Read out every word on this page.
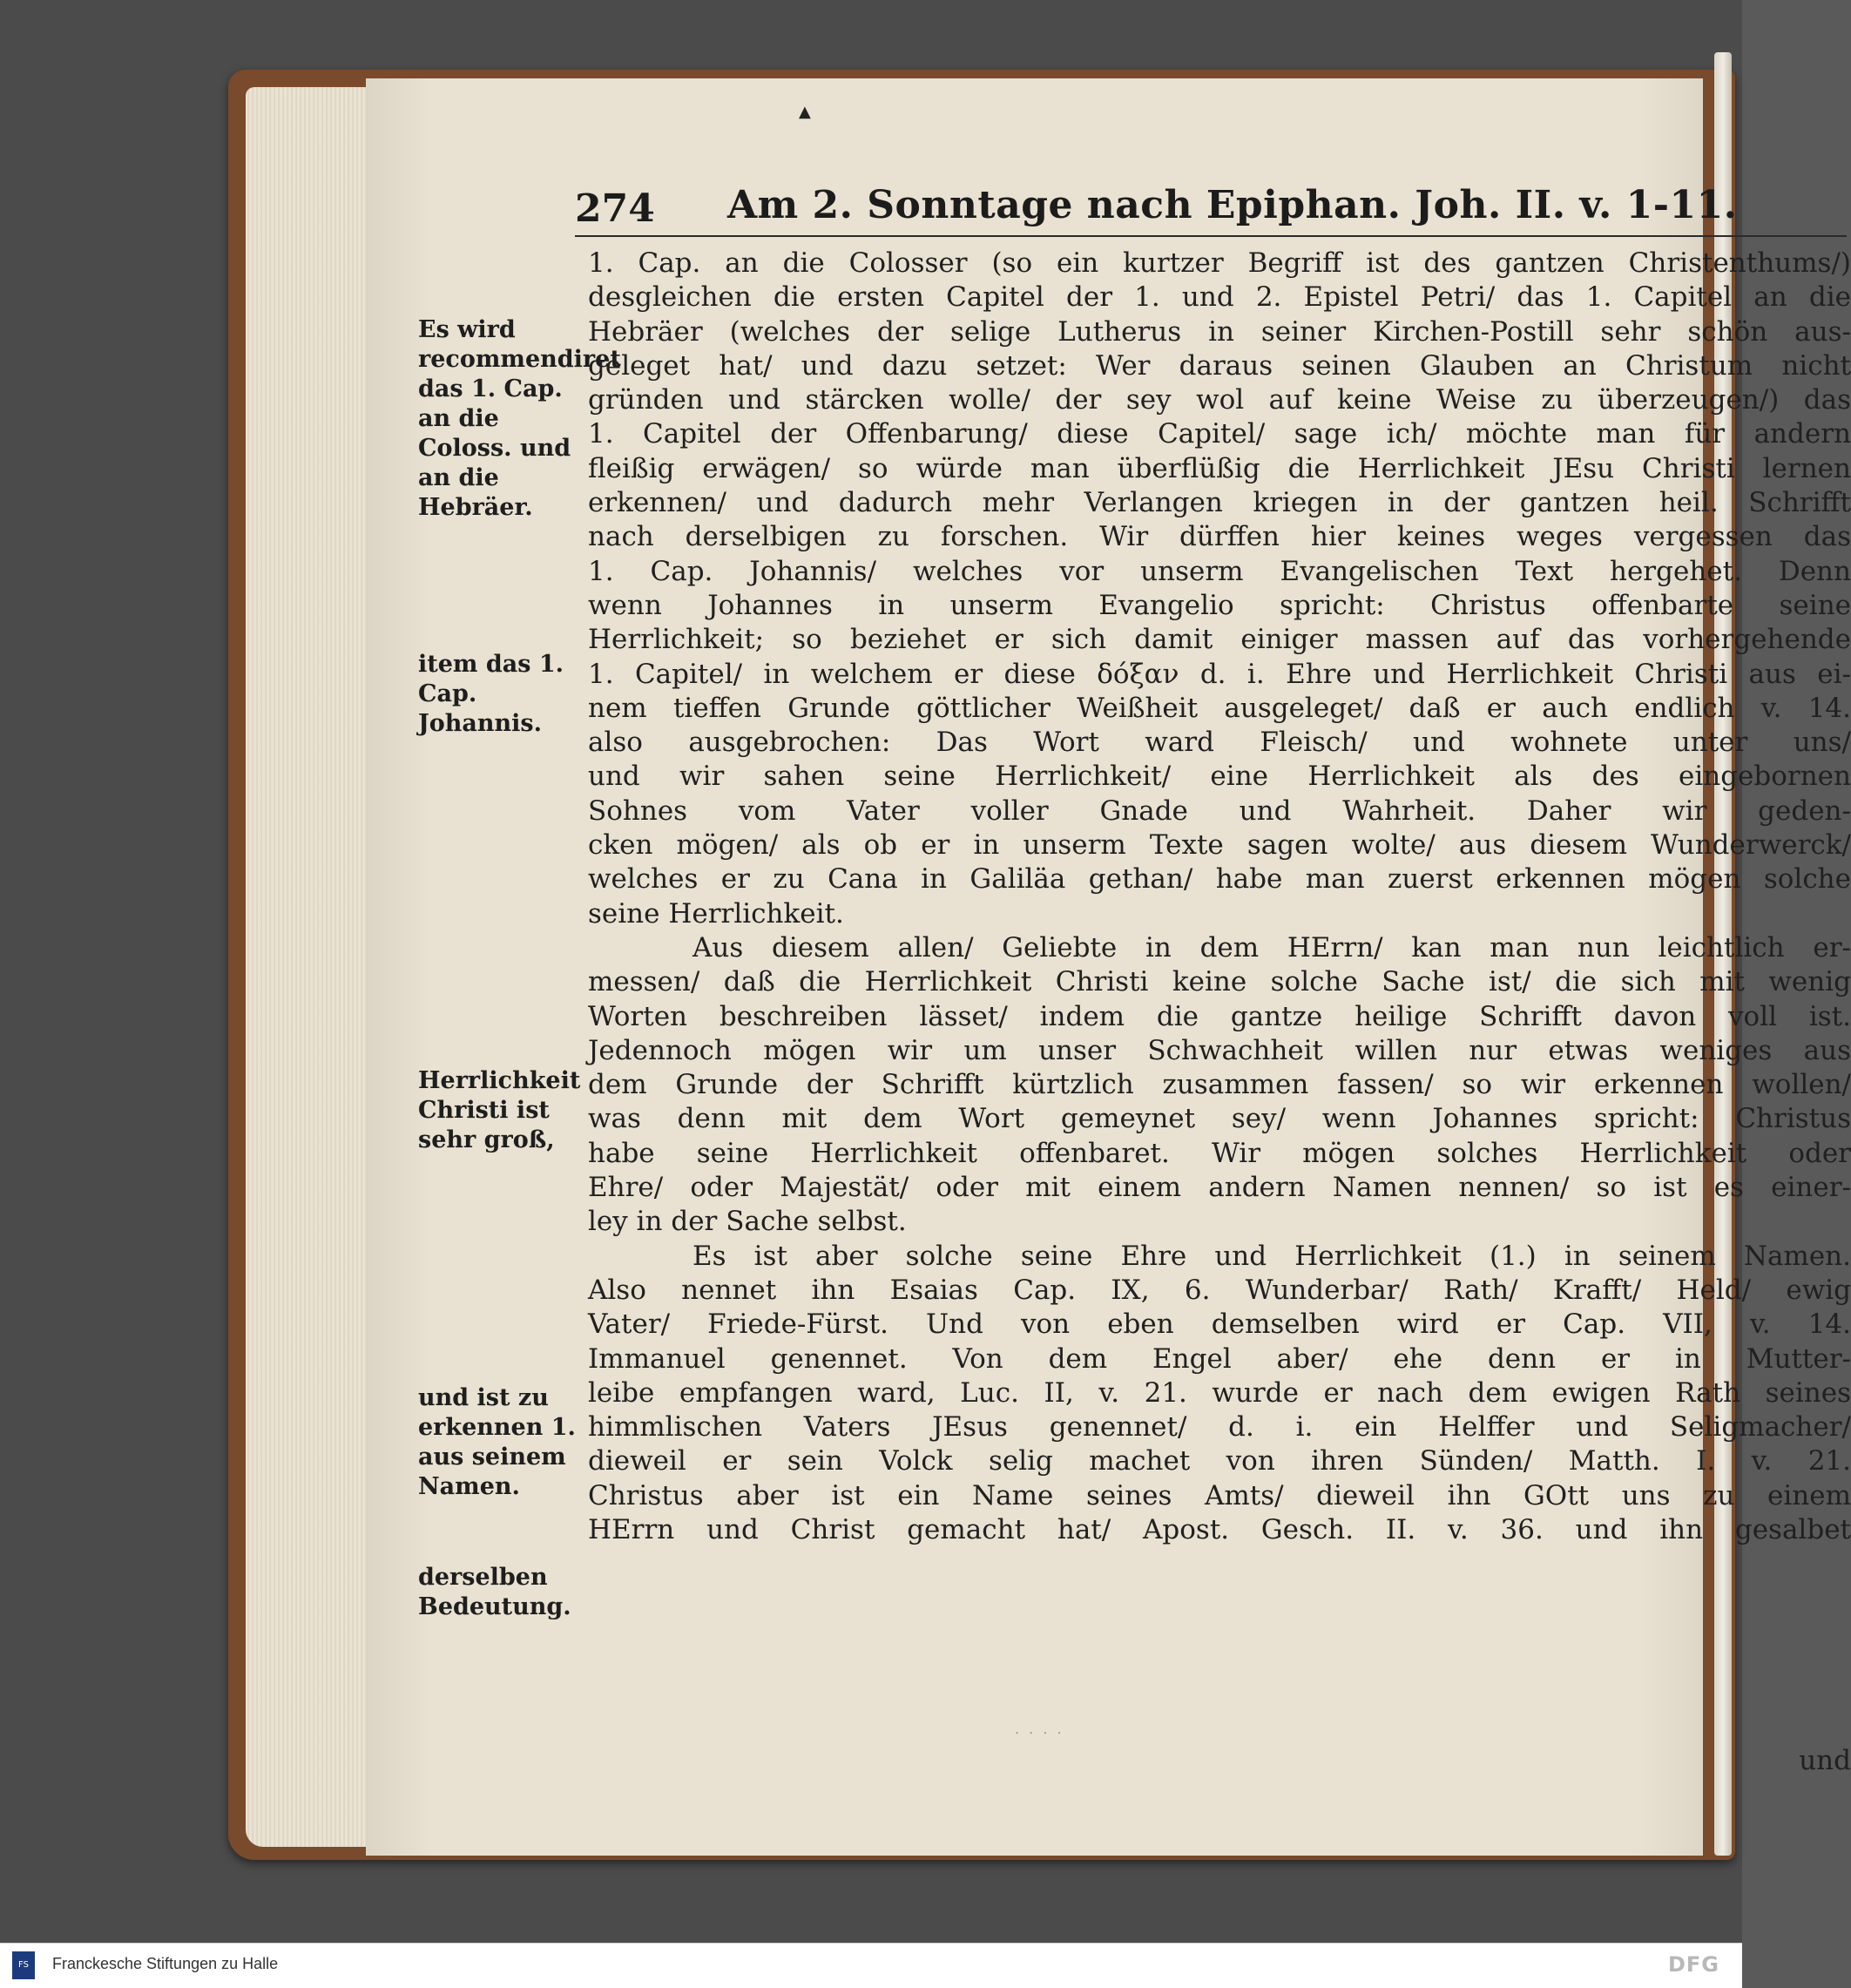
▲
274 Am 2. Sonntage nach Epiphan. Joh. II. v. 1-11.
Es wird recommendiret das 1. Cap. an die Coloss. und an die Hebräer.
item das 1. Cap. Johannis.
Herrlichkeit Christi ist sehr groß,
und ist zu erkennen 1. aus seinem Namen.
derselben Bedeutung.
1. Cap. an die Colosser (so ein kurtzer Begriff ist des gantzen Christenthums/)
desgleichen die ersten Capitel der 1. und 2. Epistel Petri/ das 1. Capitel an die
Hebräer (welches der selige Lutherus in seiner Kirchen-Postill sehr schön aus-
geleget hat/ und dazu setzet: Wer daraus seinen Glauben an Christum nicht
gründen und stärcken wolle/ der sey wol auf keine Weise zu überzeugen/) das
1. Capitel der Offenbarung/ diese Capitel/ sage ich/ möchte man für andern
fleißig erwägen/ so würde man überflüßig die Herrlichkeit JEsu Christi lernen
erkennen/ und dadurch mehr Verlangen kriegen in der gantzen heil. Schrifft
nach derselbigen zu forschen. Wir dürffen hier keines weges vergessen das
1. Cap. Johannis/ welches vor unserm Evangelischen Text hergehet. Denn
wenn Johannes in unserm Evangelio spricht: Christus offenbarte seine
Herrlichkeit; so beziehet er sich damit einiger massen auf das vorhergehende
1. Capitel/ in welchem er diese δόξαν d. i. Ehre und Herrlichkeit Christi aus ei-
nem tieffen Grunde göttlicher Weißheit ausgeleget/ daß er auch endlich v. 14.
also ausgebrochen: Das Wort ward Fleisch/ und wohnete unter uns/
und wir sahen seine Herrlichkeit/ eine Herrlichkeit als des eingebornen
Sohnes vom Vater voller Gnade und Wahrheit. Daher wir geden-
cken mögen/ als ob er in unserm Texte sagen wolte/ aus diesem Wunderwerck/
welches er zu Cana in Galiläa gethan/ habe man zuerst erkennen mögen solche
seine Herrlichkeit.
Aus diesem allen/ Geliebte in dem HErrn/ kan man nun leichtlich er-
messen/ daß die Herrlichkeit Christi keine solche Sache ist/ die sich mit wenig
Worten beschreiben lässet/ indem die gantze heilige Schrifft davon voll ist.
Jedennoch mögen wir um unser Schwachheit willen nur etwas weniges aus
dem Grunde der Schrifft kürtzlich zusammen fassen/ so wir erkennen wollen/
was denn mit dem Wort gemeynet sey/ wenn Johannes spricht: Christus
habe seine Herrlichkeit offenbaret. Wir mögen solches Herrlichkeit oder
Ehre/ oder Majestät/ oder mit einem andern Namen nennen/ so ist es einer-
ley in der Sache selbst.
Es ist aber solche seine Ehre und Herrlichkeit (1.) in seinem Namen.
Also nennet ihn Esaias Cap. IX, 6. Wunderbar/ Rath/ Krafft/ Held/ ewig
Vater/ Friede-Fürst. Und von eben demselben wird er Cap. VII, v. 14.
Immanuel genennet. Von dem Engel aber/ ehe denn er in Mutter-
leibe empfangen ward, Luc. II, v. 21. wurde er nach dem ewigen Rath seines
himmlischen Vaters JEsus genennet/ d. i. ein Helffer und Seligmacher/
dieweil er sein Volck selig machet von ihren Sünden/ Matth. I. v. 21.
Christus aber ist ein Name seines Amts/ dieweil ihn GOtt uns zu einem
HErrn und Christ gemacht hat/ Apost. Gesch. II. v. 36. und ihn gesalbet
und
‧ ‧ ‧ ‧
FS	Franckesche Stiftungen zu Halle	DFG
